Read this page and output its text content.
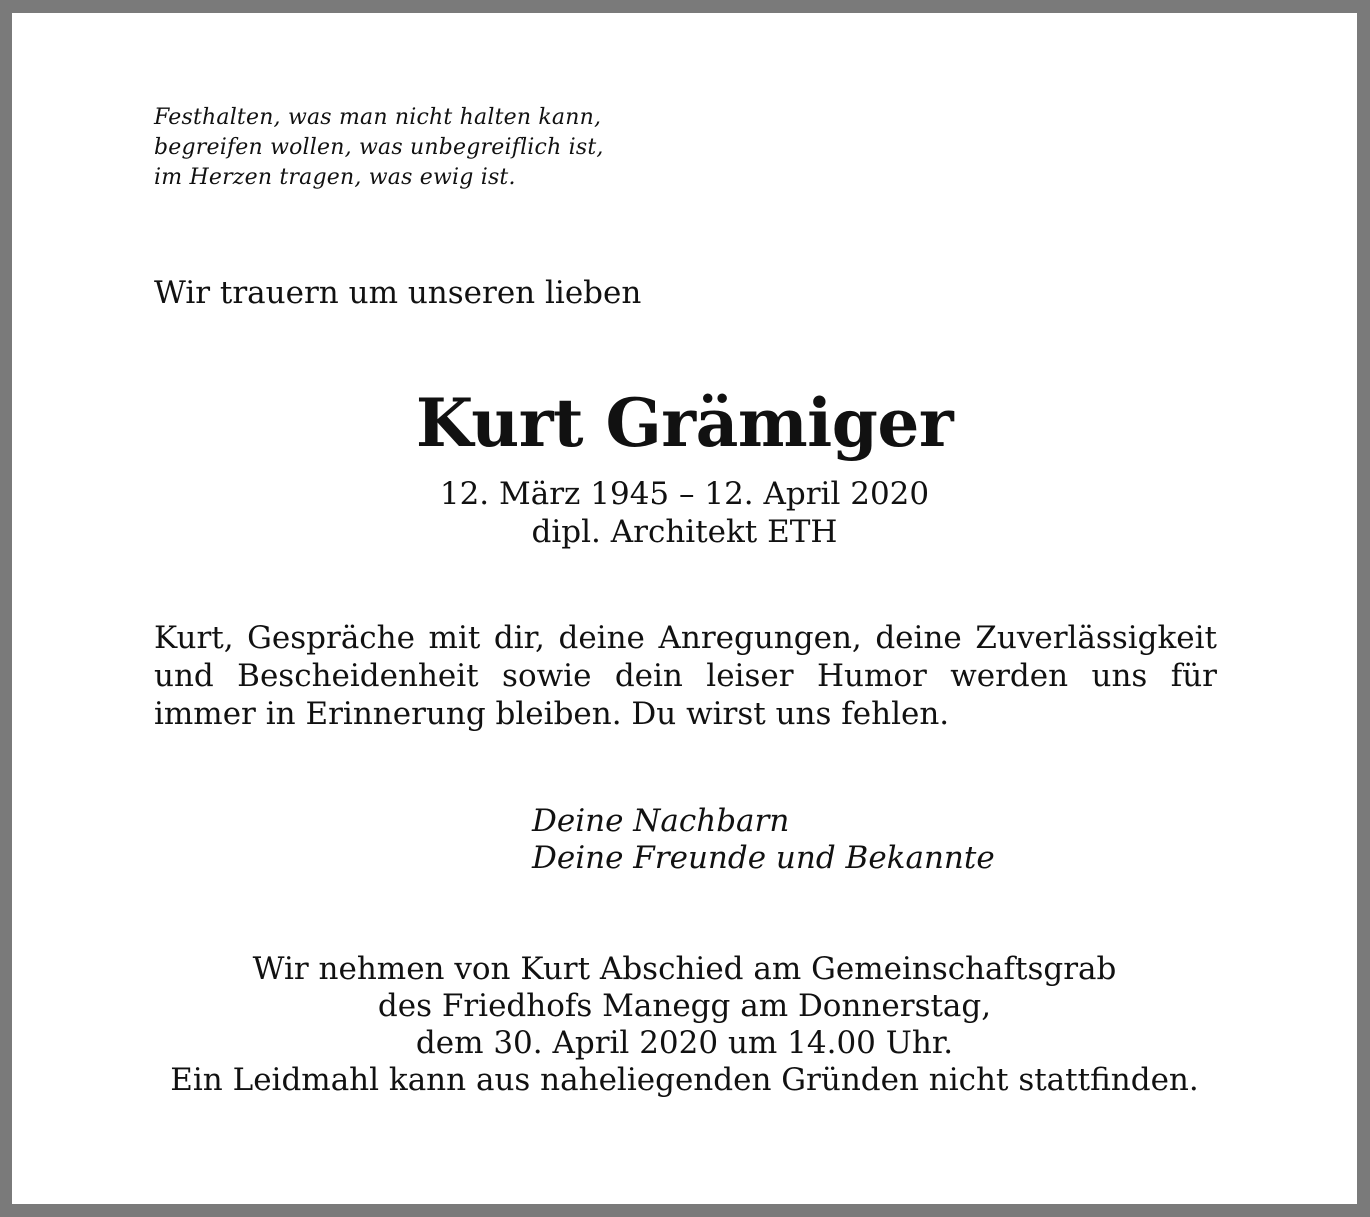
Festhalten, was man nicht halten kann,
begreifen wollen, was unbegreiflich ist,
im Herzen tragen, was ewig ist.
Wir trauern um unseren lieben
Kurt Grämiger
12. März 1945 – 12. April 2020
dipl. Architekt ETH
Kurt, Gespräche mit dir, deine Anregungen, deine Zuverlässigkeit und Bescheidenheit sowie dein leiser Humor werden uns für immer in Erinnerung bleiben. Du wirst uns fehlen.
Deine Nachbarn
Deine Freunde und Bekannte
Wir nehmen von Kurt Abschied am Gemeinschaftsgrab
des Friedhofs Manegg am Donnerstag,
dem 30. April 2020 um 14.00 Uhr.
Ein Leidmahl kann aus naheliegenden Gründen nicht stattfinden.
